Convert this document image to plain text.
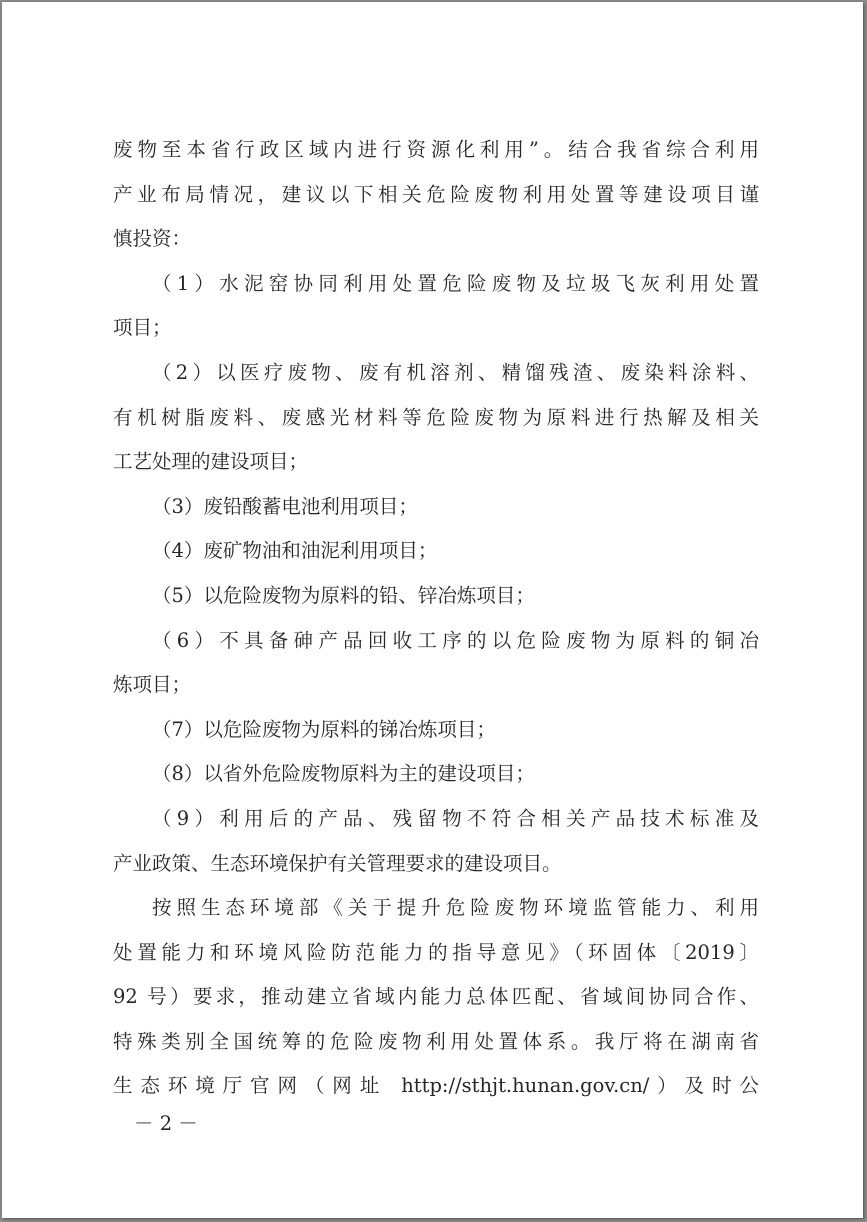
废物至本省行政区域内进行资源化利用”。结合我省综合利用
产业布局情况，建议以下相关危险废物利用处置等建设项目谨
慎投资：
（1）水泥窑协同利用处置危险废物及垃圾飞灰利用处置
项目；
（2）以医疗废物、废有机溶剂、精馏残渣、废染料涂料、
有机树脂废料、废感光材料等危险废物为原料进行热解及相关
工艺处理的建设项目；
（3）废铅酸蓄电池利用项目；
（4）废矿物油和油泥利用项目；
（5）以危险废物为原料的铅、锌冶炼项目；
（6）不具备砷产品回收工序的以危险废物为原料的铜冶
炼项目；
（7）以危险废物为原料的锑冶炼项目；
（8）以省外危险废物原料为主的建设项目；
（9）利用后的产品、残留物不符合相关产品技术标准及
产业政策、生态环境保护有关管理要求的建设项目。
按照生态环境部《关于提升危险废物环境监管能力、利用
处置能力和环境风险防范能力的指导意见》（环固体〔2019〕
92 号）要求，推动建立省域内能力总体匹配、省域间协同合作、
特殊类别全国统筹的危险废物利用处置体系。我厅将在湖南省
生态环境厅官网（网址 http://sthjt.hunan.gov.cn/）及时公
－ 2 －
